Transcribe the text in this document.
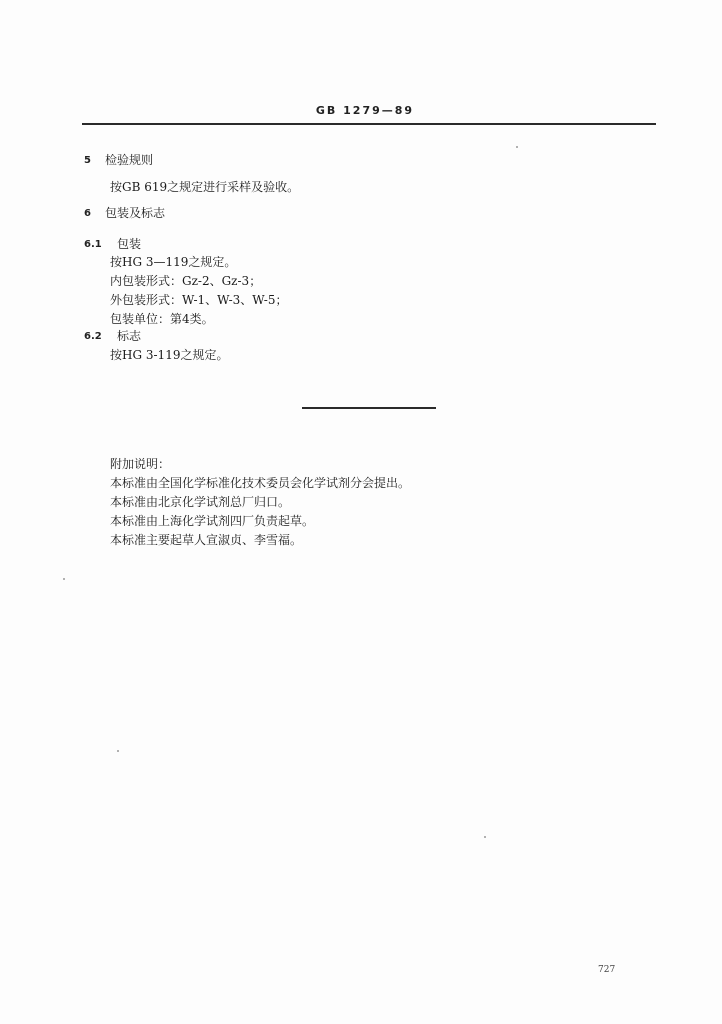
GB 1279—89
5 检验规则
按GB 619之规定进行采样及验收。
6 包装及标志
6.1 包装
按HG 3—119之规定。
内包装形式：Gz-2、Gz-3；
外包装形式：W-1、W-3、W-5；
包装单位：第4类。
6.2 标志
按HG 3-119之规定。
附加说明：
本标准由全国化学标准化技术委员会化学试剂分会提出。
本标准由北京化学试剂总厂归口。
本标准由上海化学试剂四厂负责起草。
本标准主要起草人宣淑贞、李雪福。
727
